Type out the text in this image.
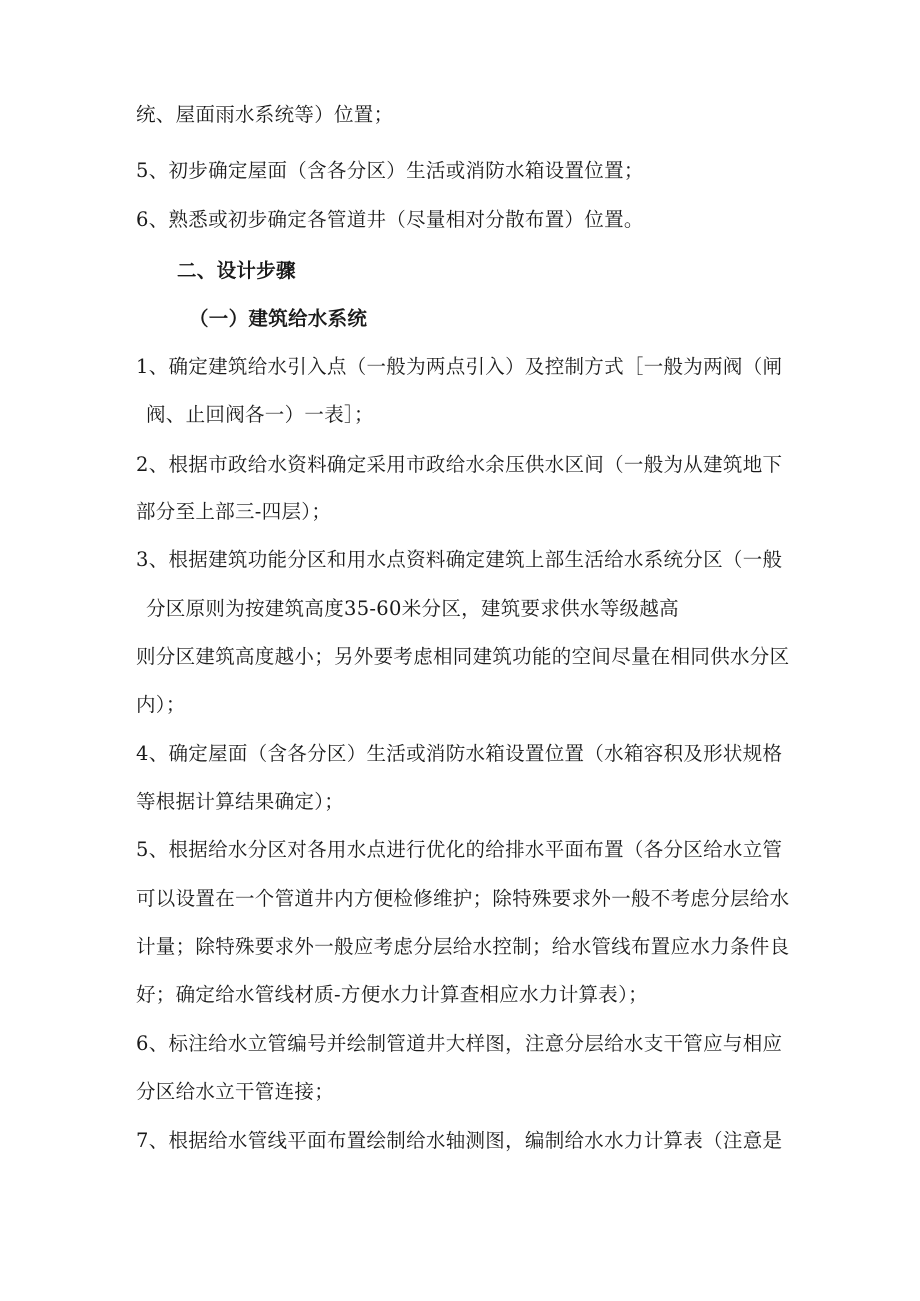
统、屋面雨水系统等）位置；
5、初步确定屋面（含各分区）生活或消防水箱设置位置；
6、熟悉或初步确定各管道井（尽量相对分散布置）位置。
二、设计步骤
（一）建筑给水系统
1、确定建筑给水引入点（一般为两点引入）及控制方式［一般为两阀（闸
阀、止回阀各一）一表］；
2、根据市政给水资料确定采用市政给水余压供水区间（一般为从建筑地下
部分至上部三-四层）；
3、根据建筑功能分区和用水点资料确定建筑上部生活给水系统分区（一般
分区原则为按建筑高度35-60米分区，建筑要求供水等级越高
则分区建筑高度越小；另外要考虑相同建筑功能的空间尽量在相同供水分区
内）；
4、确定屋面（含各分区）生活或消防水箱设置位置（水箱容积及形状规格
等根据计算结果确定）；
5、根据给水分区对各用水点进行优化的给排水平面布置（各分区给水立管
可以设置在一个管道井内方便检修维护；除特殊要求外一般不考虑分层给水
计量；除特殊要求外一般应考虑分层给水控制；给水管线布置应水力条件良
好；确定给水管线材质-方便水力计算查相应水力计算表）；
6、标注给水立管编号并绘制管道井大样图，注意分层给水支干管应与相应
分区给水立干管连接；
7、根据给水管线平面布置绘制给水轴测图，编制给水水力计算表（注意是
